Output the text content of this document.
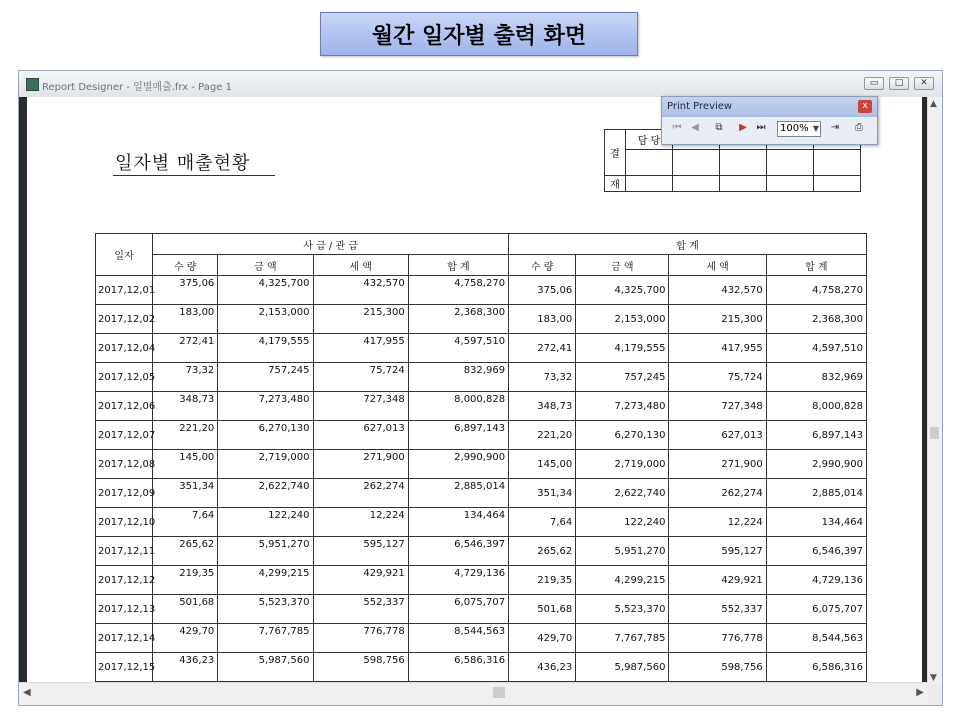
월간 일자별 출력 화면
Report Designer - 일별매출.frx - Page 1	▭	□	✕
일자별 매출현황	결	담 당				

재					
일자	사 급 / 관 급				합 계			
	수 량	금 액	세 액	합 계	수 량	금 액	세 액	합 계
2017,12,01	375,06	4,325,700	432,570	4,758,270	375,06	4,325,700	432,570	4,758,270
2017,12,02	183,00	2,153,000	215,300	2,368,300	183,00	2,153,000	215,300	2,368,300
2017,12,04	272,41	4,179,555	417,955	4,597,510	272,41	4,179,555	417,955	4,597,510
2017,12,05	73,32	757,245	75,724	832,969	73,32	757,245	75,724	832,969
2017,12,06	348,73	7,273,480	727,348	8,000,828	348,73	7,273,480	727,348	8,000,828
2017,12,07	221,20	6,270,130	627,013	6,897,143	221,20	6,270,130	627,013	6,897,143
2017,12,08	145,00	2,719,000	271,900	2,990,900	145,00	2,719,000	271,900	2,990,900
2017,12,09	351,34	2,622,740	262,274	2,885,014	351,34	2,622,740	262,274	2,885,014
2017,12,10	7,64	122,240	12,224	134,464	7,64	122,240	12,224	134,464
2017,12,11	265,62	5,951,270	595,127	6,546,397	265,62	5,951,270	595,127	6,546,397
2017,12,12	219,35	4,299,215	429,921	4,729,136	219,35	4,299,215	429,921	4,729,136
2017,12,13	501,68	5,523,370	552,337	6,075,707	501,68	5,523,370	552,337	6,075,707
2017,12,14	429,70	7,767,785	776,778	8,544,563	429,70	7,767,785	776,778	8,544,563
2017,12,15	436,23	5,987,560	598,756	6,586,316	436,23	5,987,560	598,756	6,586,316
▲
▼
◀	▶
Print Preview	x
⏮ ◀	⧉	▶ ⏭	100% ▼ ⇥	⎙
